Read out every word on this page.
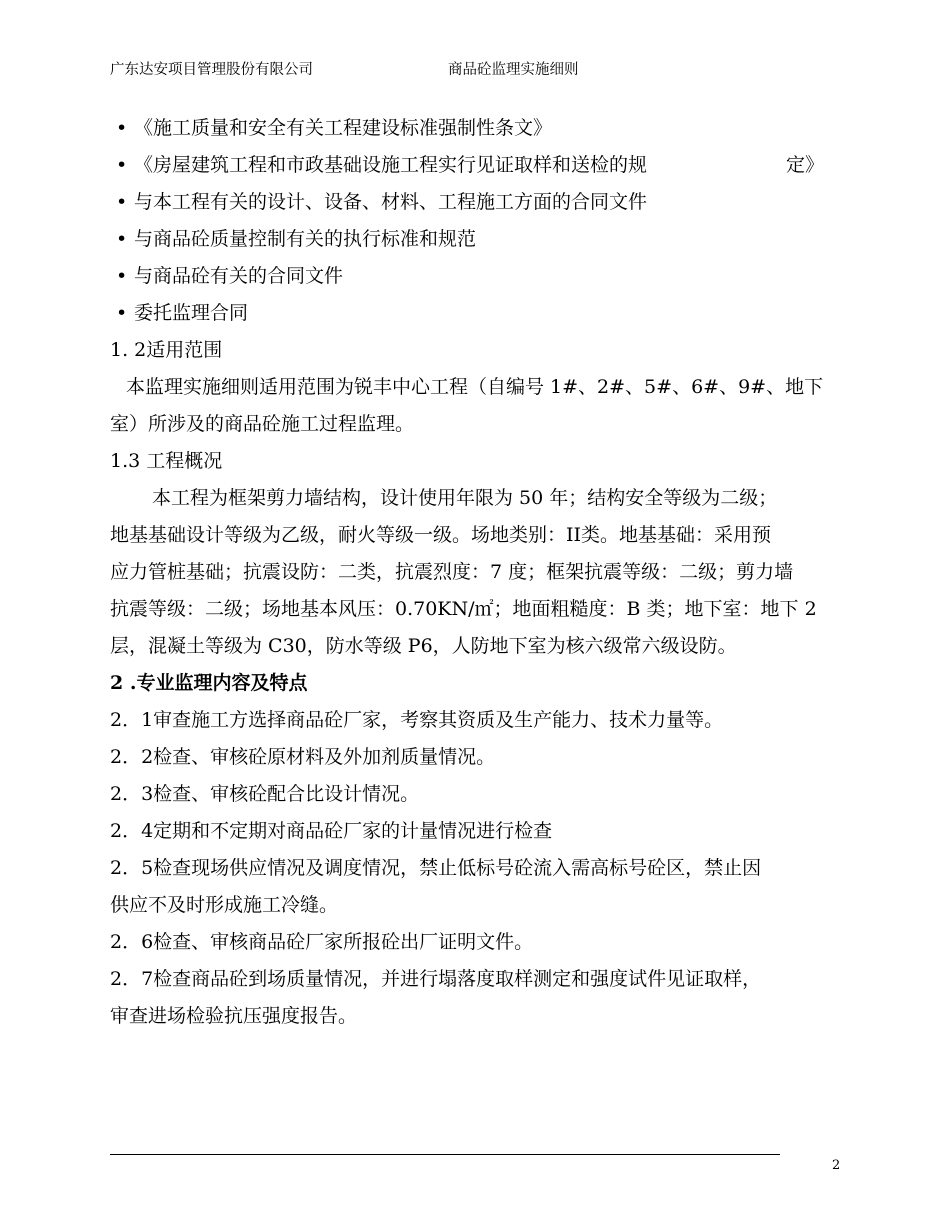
广东达安项目管理股份有限公司	商品砼监理实施细则
• 《施工质量和安全有关工程建设标准强制性条文》
• 《房屋建筑工程和市政基础设施工程实行见证取样和送检的规	定》
• 与本工程有关的设计、设备、材料、工程施工方面的合同文件
• 与商品砼质量控制有关的执行标准和规范
• 与商品砼有关的合同文件
• 委托监理合同
1. 2适用范围
本监理实施细则适用范围为锐丰中心工程（自编号 1#、2#、5#、6#、9#、地下
室）所涉及的商品砼施工过程监理。
1.3 工程概况
本工程为框架剪力墙结构，设计使用年限为 50 年；结构安全等级为二级；
地基基础设计等级为乙级，耐火等级一级。场地类别：II类。地基基础：采用预
应力管桩基础；抗震设防：二类，抗震烈度：7 度；框架抗震等级：二级；剪力墙
抗震等级：二级；场地基本风压：0.70KN/㎡；地面粗糙度：B 类；地下室：地下 2
层，混凝土等级为 C30，防水等级 P6，人防地下室为核六级常六级设防。
2 .专业监理内容及特点
2．1审查施工方选择商品砼厂家，考察其资质及生产能力、技术力量等。
2．2检查、审核砼原材料及外加剂质量情况。
2．3检查、审核砼配合比设计情况。
2．4定期和不定期对商品砼厂家的计量情况进行检查
2．5检查现场供应情况及调度情况，禁止低标号砼流入需高标号砼区，禁止因
供应不及时形成施工冷缝。
2．6检查、审核商品砼厂家所报砼出厂证明文件。
2．7检查商品砼到场质量情况，并进行塌落度取样测定和强度试件见证取样，
审查进场检验抗压强度报告。
2
